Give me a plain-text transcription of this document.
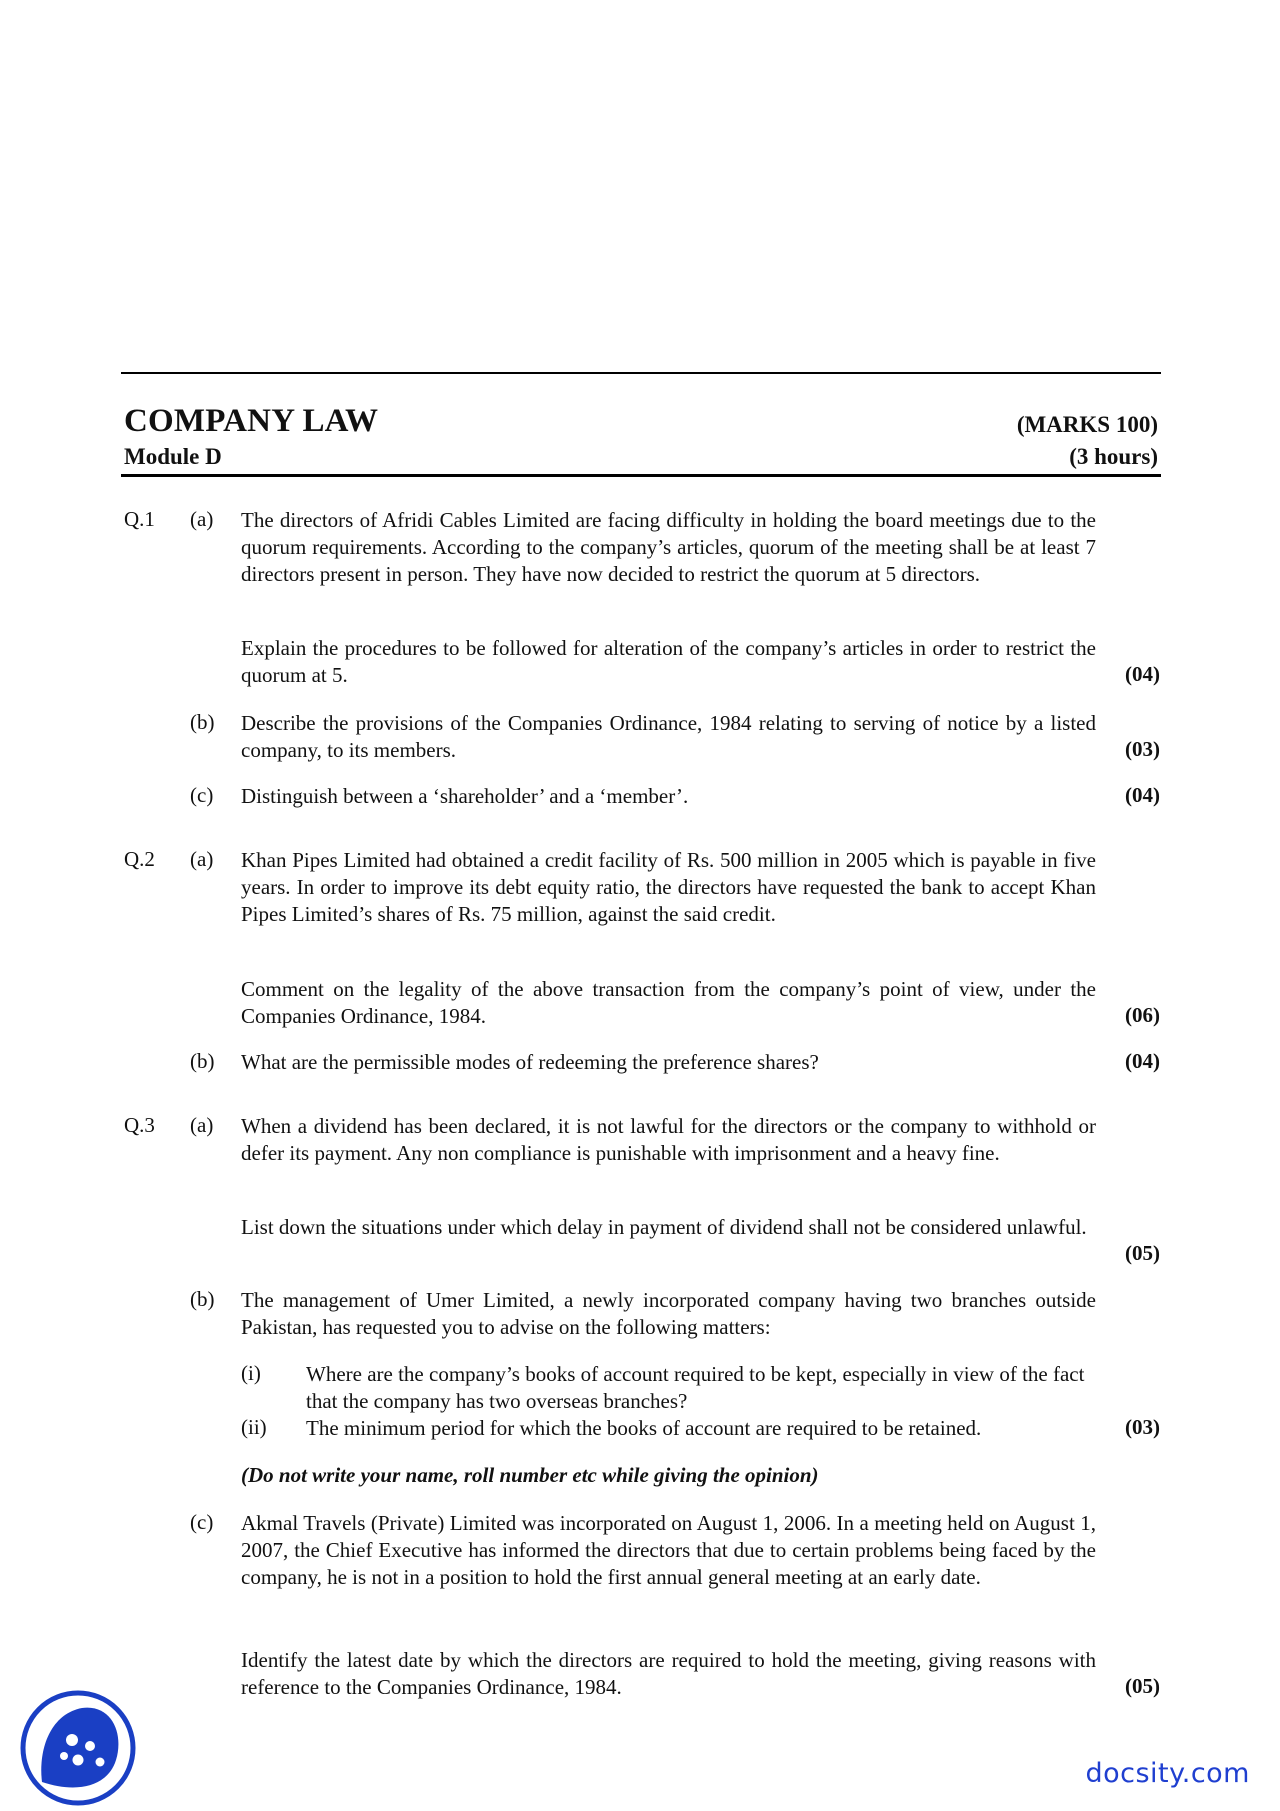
COMPANY LAW	(MARKS 100)
Module D	(3 hours)
Q.1 (a) The directors of Afridi Cables Limited are facing difficulty in holding the board meetings due to the quorum requirements. According to the company’s articles, quorum of the meeting shall be at least 7 directors present in person. They have now decided to restrict the quorum at 5 directors.
Explain the procedures to be followed for alteration of the company’s articles in order to restrict the quorum at 5.	(04)
(b) Describe the provisions of the Companies Ordinance, 1984 relating to serving of notice by a listed company, to its members.	(03)
(c) Distinguish between a ‘shareholder’ and a ‘member’.	(04)
Q.2 (a) Khan Pipes Limited had obtained a credit facility of Rs. 500 million in 2005 which is payable in five years. In order to improve its debt equity ratio, the directors have requested the bank to accept Khan Pipes Limited’s shares of Rs. 75 million, against the said credit.
Comment on the legality of the above transaction from the company’s point of view, under the Companies Ordinance, 1984.	(06)
(b) What are the permissible modes of redeeming the preference shares?	(04)
Q.3 (a) When a dividend has been declared, it is not lawful for the directors or the company to withhold or defer its payment. Any non compliance is punishable with imprisonment and a heavy fine.
List down the situations under which delay in payment of dividend shall not be considered unlawful.
(05)
(b) The management of Umer Limited, a newly incorporated company having two branches outside Pakistan, has requested you to advise on the following matters:
(i) Where are the company’s books of account required to be kept, especially in view of the fact that the company has two overseas branches?
(ii) The minimum period for which the books of account are required to be retained.	(03)
(Do not write your name, roll number etc while giving the opinion)
(c) Akmal Travels (Private) Limited was incorporated on August 1, 2006. In a meeting held on August 1, 2007, the Chief Executive has informed the directors that due to certain problems being faced by the company, he is not in a position to hold the first annual general meeting at an early date.
Identify the latest date by which the directors are required to hold the meeting, giving reasons with reference to the Companies Ordinance, 1984.	(05)
docsity.com
